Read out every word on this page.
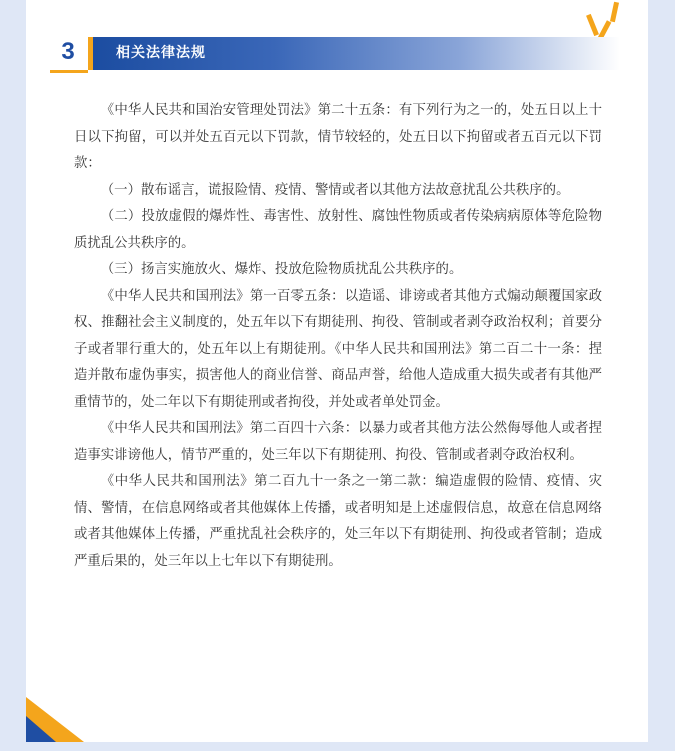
3	相关法律法规

《中华人民共和国治安管理处罚法》第二十五条：有下列行为之一的，处五日以上十日以下拘留，可以并处五百元以下罚款，情节较轻的，处五日以下拘留或者五百元以下罚款：

（一）散布谣言，谎报险情、疫情、警情或者以其他方法故意扰乱公共秩序的。

（二）投放虚假的爆炸性、毒害性、放射性、腐蚀性物质或者传染病病原体等危险物质扰乱公共秩序的。

（三）扬言实施放火、爆炸、投放危险物质扰乱公共秩序的。

《中华人民共和国刑法》第一百零五条：以造谣、诽谤或者其他方式煽动颠覆国家政权、推翻社会主义制度的，处五年以下有期徒刑、拘役、管制或者剥夺政治权利；首要分子或者罪行重大的，处五年以上有期徒刑。《中华人民共和国刑法》第二百二十一条：捏造并散布虚伪事实，损害他人的商业信誉、商品声誉，给他人造成重大损失或者有其他严重情节的，处二年以下有期徒刑或者拘役，并处或者单处罚金。

《中华人民共和国刑法》第二百四十六条：以暴力或者其他方法公然侮辱他人或者捏造事实诽谤他人，情节严重的，处三年以下有期徒刑、拘役、管制或者剥夺政治权利。

《中华人民共和国刑法》第二百九十一条之一第二款：编造虚假的险情、疫情、灾情、警情，在信息网络或者其他媒体上传播，或者明知是上述虚假信息，故意在信息网络或者其他媒体上传播，严重扰乱社会秩序的，处三年以下有期徒刑、拘役或者管制；造成严重后果的，处三年以上七年以下有期徒刑。
